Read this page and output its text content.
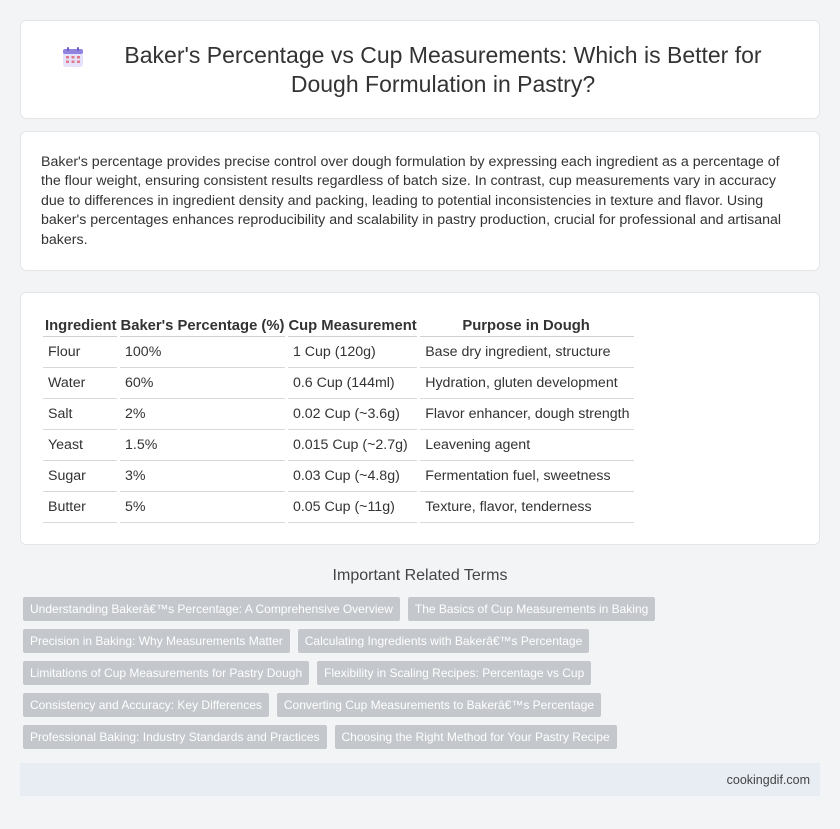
Baker's Percentage vs Cup Measurements: Which is Better for Dough Formulation in Pastry?

Baker's percentage provides precise control over dough formulation by expressing each ingredient as a percentage of the flour weight, ensuring consistent results regardless of batch size. In contrast, cup measurements vary in accuracy due to differences in ingredient density and packing, leading to potential inconsistencies in texture and flavor. Using baker's percentages enhances reproducibility and scalability in pastry production, crucial for professional and artisanal bakers.

Ingredient	Baker's Percentage (%)	Cup Measurement	Purpose in Dough
Flour	100%	1 Cup (120g)	Base dry ingredient, structure
Water	60%	0.6 Cup (144ml)	Hydration, gluten development
Salt	2%	0.02 Cup (~3.6g)	Flavor enhancer, dough strength
Yeast	1.5%	0.015 Cup (~2.7g)	Leavening agent
Sugar	3%	0.03 Cup (~4.8g)	Fermentation fuel, sweetness
Butter	5%	0.05 Cup (~11g)	Texture, flavor, tenderness
Important Related Terms
Understanding Bakerâ€™s Percentage: A Comprehensive Overview	The Basics of Cup Measurements in Baking
Precision in Baking: Why Measurements Matter	Calculating Ingredients with Bakerâ€™s Percentage
Limitations of Cup Measurements for Pastry Dough	Flexibility in Scaling Recipes: Percentage vs Cup
Consistency and Accuracy: Key Differences	Converting Cup Measurements to Bakerâ€™s Percentage
Professional Baking: Industry Standards and Practices	Choosing the Right Method for Your Pastry Recipe
cookingdif.com
